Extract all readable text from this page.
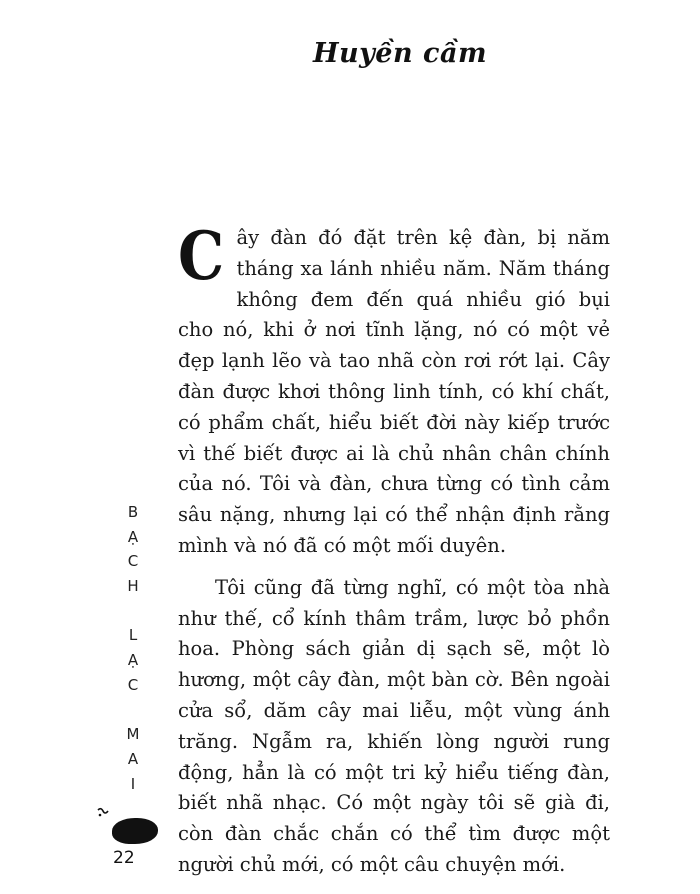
Huyền cầm

Cây đàn đó đặt trên kệ đàn, bị năm tháng xa lánh nhiều năm. Năm tháng không đem đến quá nhiều gió bụi cho nó, khi ở nơi tĩnh lặng, nó có một vẻ đẹp lạnh lẽo và tao nhã còn rơi rớt lại. Cây đàn được khơi thông linh tính, có khí chất, có phẩm chất, hiểu biết đời này kiếp trước vì thế biết được ai là chủ nhân chân chính của nó. Tôi và đàn, chưa từng có tình cảm sâu nặng, nhưng lại có thể nhận định rằng mình và nó đã có một mối duyên.

Tôi cũng đã từng nghĩ, có một tòa nhà như thế, cổ kính thâm trầm, lược bỏ phồn hoa. Phòng sách giản dị sạch sẽ, một lò hương, một cây đàn, một bàn cờ. Bên ngoài cửa sổ, dăm cây mai liễu, một vùng ánh trăng. Ngẫm ra, khiến lòng người rung động, hẳn là có một tri kỷ hiểu tiếng đàn, biết nhã nhạc. Có một ngày tôi sẽ già đi, còn đàn chắc chắn có thể tìm được một người chủ mới, có một câu chuyện mới.

B
Ạ
C
H
L
Ạ
C
M
A
I
22
